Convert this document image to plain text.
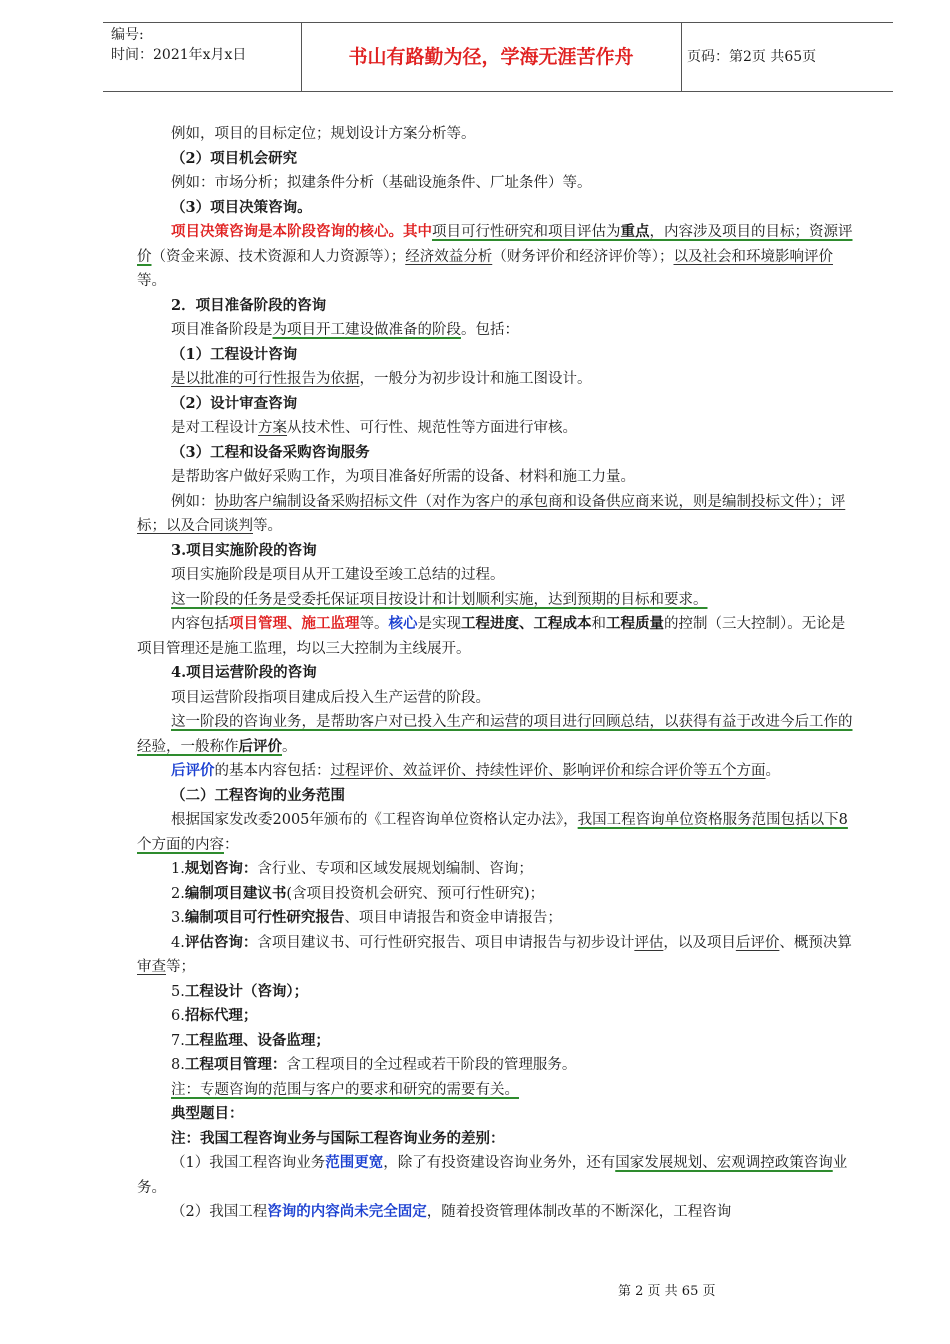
编号:
时间：2021年x月x日	书山有路勤为径，学海无涯苦作舟	页码：第2页 共65页

例如，项目的目标定位；规划设计方案分析等。

（2）项目机会研究

例如：市场分析；拟建条件分析（基础设施条件、厂址条件）等。

（3）项目决策咨询。

项目决策咨询是本阶段咨询的核心。其中项目可行性研究和项目评估为重点，内容涉及项目的目标；资源评价（资金来源、技术资源和人力资源等）；经济效益分析（财务评价和经济评价等）；以及社会和环境影响评价等。

2．项目准备阶段的咨询

项目准备阶段是为项目开工建设做准备的阶段。包括：

（1）工程设计咨询

是以批准的可行性报告为依据，一般分为初步设计和施工图设计。

（2）设计审查咨询

是对工程设计方案从技术性、可行性、规范性等方面进行审核。

（3）工程和设备采购咨询服务

是帮助客户做好采购工作，为项目准备好所需的设备、材料和施工力量。

例如：协助客户编制设备采购招标文件（对作为客户的承包商和设备供应商来说，则是编制投标文件）；评标；以及合同谈判等。

3.项目实施阶段的咨询

项目实施阶段是项目从开工建设至竣工总结的过程。

这一阶段的任务是受委托保证项目按设计和计划顺利实施，达到预期的目标和要求。

内容包括项目管理、施工监理等。核心是实现工程进度、工程成本和工程质量的控制（三大控制）。无论是项目管理还是施工监理，均以三大控制为主线展开。

4.项目运营阶段的咨询

项目运营阶段指项目建成后投入生产运营的阶段。

这一阶段的咨询业务，是帮助客户对已投入生产和运营的项目进行回顾总结，以获得有益于改进今后工作的经验，一般称作后评价。

后评价的基本内容包括：过程评价、效益评价、持续性评价、影响评价和综合评价等五个方面。

（二）工程咨询的业务范围

根据国家发改委2005年颁布的《工程咨询单位资格认定办法》，我国工程咨询单位资格服务范围包括以下8个方面的内容：

1.规划咨询：含行业、专项和区域发展规划编制、咨询；

2.编制项目建议书(含项目投资机会研究、预可行性研究)；

3.编制项目可行性研究报告、项目申请报告和资金申请报告；

4.评估咨询：含项目建议书、可行性研究报告、项目申请报告与初步设计评估，以及项目后评价、概预决算审查等；

5.工程设计（咨询）；

6.招标代理；

7.工程监理、设备监理；

8.工程项目管理：含工程项目的全过程或若干阶段的管理服务。

注：专题咨询的范围与客户的要求和研究的需要有关。

典型题目：

注：我国工程咨询业务与国际工程咨询业务的差别：

（1）我国工程咨询业务范围更宽，除了有投资建设咨询业务外，还有国家发展规划、宏观调控政策咨询业务。

（2）我国工程咨询的内容尚未完全固定，随着投资管理体制改革的不断深化，工程咨询

第 2 页 共 65 页
